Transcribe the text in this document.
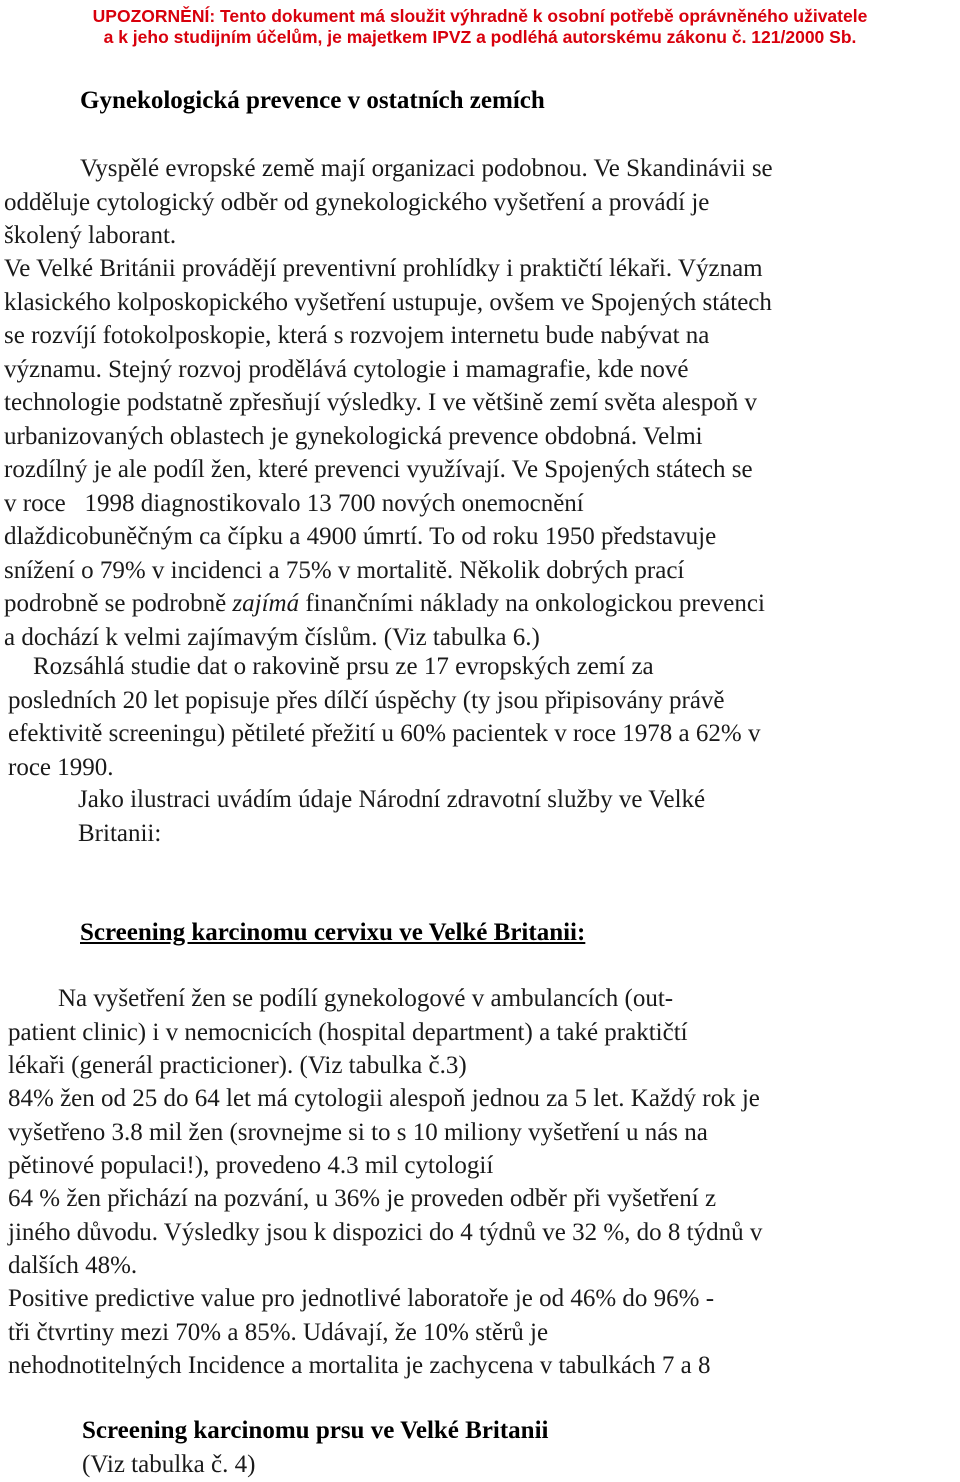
UPOZORNĚNÍ: Tento dokument má sloužit výhradně k osobní potřebě oprávněného uživatele
a k jeho studijním účelům, je majetkem IPVZ a podléhá autorskému zákonu č. 121/2000 Sb.
Gynekologická prevence v ostatních zemích
Vyspělé evropské země mají organizaci podobnou. Ve Skandinávii se
odděluje cytologický odběr od gynekologického vyšetření a provádí je
školený laborant.
Ve Velké Británii provádějí preventivní prohlídky i praktičtí lékaři. Význam
klasického kolposkopického vyšetření ustupuje, ovšem ve Spojených státech
se rozvíjí fotokolposkopie, která s rozvojem internetu bude nabývat na
významu. Stejný rozvoj prodělává cytologie i mamagrafie, kde nové
technologie podstatně zpřesňují výsledky. I ve většině zemí světa alespoň v
urbanizovaných oblastech je gynekologická prevence obdobná. Velmi
rozdílný je ale podíl žen, které prevenci využívají. Ve Spojených státech se
v roce   1998 diagnostikovalo 13 700 nových onemocnění
dlaždicobuněčným ca čípku a 4900 úmrtí. To od roku 1950 představuje
snížení o 79% v incidenci a 75% v mortalitě. Několik dobrých prací
podrobně se podrobně zajímá finančními náklady na onkologickou prevenci
a dochází k velmi zajímavým číslům. (Viz tabulka 6.)
Rozsáhlá studie dat o rakovině prsu ze 17 evropských zemí za
posledních 20 let popisuje přes dílčí úspěchy (ty jsou připisovány právě
efektivitě screeningu) pětileté přežití u 60% pacientek v roce 1978 a 62% v
roce 1990.
Jako ilustraci uvádím údaje Národní zdravotní služby ve Velké
Britanii:
Screening karcinomu cervixu ve Velké Britanii:
Na vyšetření žen se podílí gynekologové v ambulancích (out-
patient clinic) i v nemocnicích (hospital department) a také praktičtí
lékaři (generál practicioner). (Viz tabulka č.3)
84% žen od 25 do 64 let má cytologii alespoň jednou za 5 let. Každý rok je
vyšetřeno 3.8 mil žen (srovnejme si to s 10 miliony vyšetření u nás na
pětinové populaci!), provedeno 4.3 mil cytologií
64 % žen přichází na pozvání, u 36% je proveden odběr při vyšetření z
jiného důvodu. Výsledky jsou k dispozici do 4 týdnů ve 32 %, do 8 týdnů v
dalších 48%.
Positive predictive value pro jednotlivé laboratoře je od 46% do 96% -
tři čtvrtiny mezi 70% a 85%. Udávají, že 10% stěrů je
nehodnotitelných Incidence a mortalita je zachycena v tabulkách 7 a 8
Screening karcinomu prsu ve Velké Britanii
(Viz tabulka č. 4)
